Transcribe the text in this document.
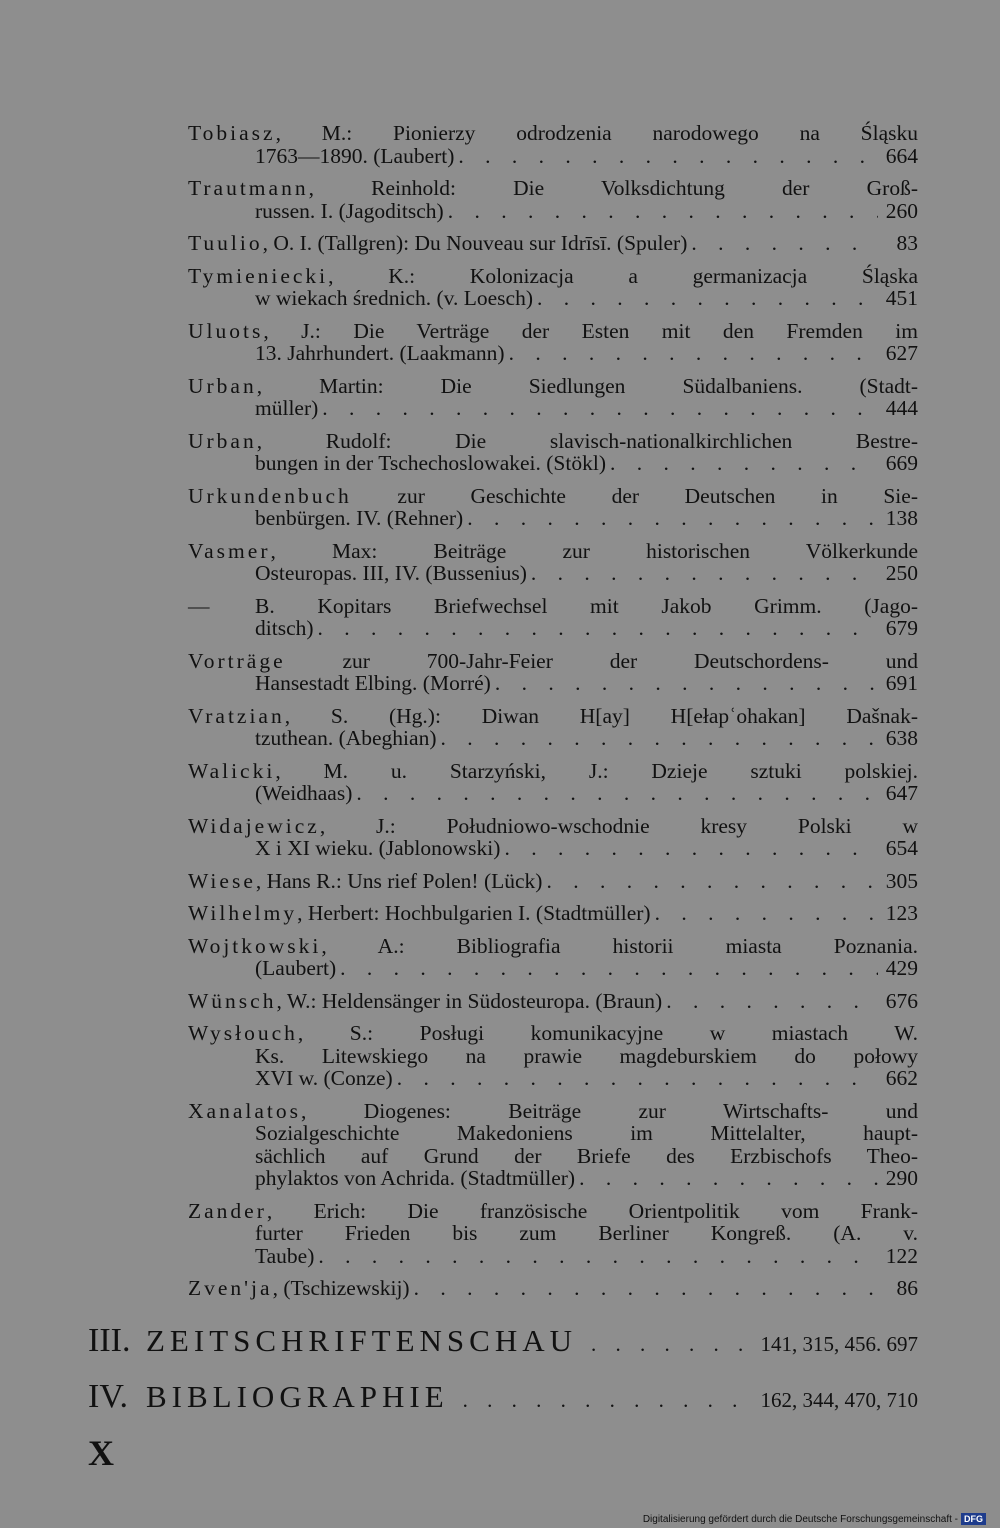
Tobiasz, M.: Pionierzy odrodzenia narodowego na Śląsku
1763—1890. (Laubert) . . .	664
Trautmann, Reinhold: Die Volksdichtung der Groß-
russen. I. (Jagoditsch) . . .	260
Tuulio, O. I. (Tallgren): Du Nouveau sur Idrīsī. (Spuler) . . .	83
Tymieniecki, K.: Kolonizacja a germanizacja Śląska
w wiekach średnich. (v. Loesch) . . .	451
Uluots, J.: Die Verträge der Esten mit den Fremden im
13. Jahrhundert. (Laakmann) . . .	627
Urban, Martin: Die Siedlungen Südalbaniens. (Stadt-
müller) . . .	444
Urban, Rudolf: Die slavisch-nationalkirchlichen Bestre-
bungen in der Tschechoslowakei. (Stökl) . . .	669
Urkundenbuch zur Geschichte der Deutschen in Sie-
benbürgen. IV. (Rehner) . . .	138
Vasmer, Max: Beiträge zur historischen Völkerkunde
Osteuropas. III, IV. (Bussenius) . . .	250
— B. Kopitars Briefwechsel mit Jakob Grimm. (Jago-
ditsch) . . .	679
Vorträge zur 700-Jahr-Feier der Deutschordens- und
Hansestadt Elbing. (Morré) . . .	691
Vratzian, S. (Hg.): Diwan H[ay] H[ełapʿohakan] Dašnak-
tzuthean. (Abeghian) . . .	638
Walicki, M. u. Starzyński, J.: Dzieje sztuki polskiej.
(Weidhaas) . . .	647
Widajewicz, J.: Południowo-wschodnie kresy Polski w
X i XI wieku. (Jablonowski) . . .	654
Wiese, Hans R.: Uns rief Polen! (Lück) . . .	305
Wilhelmy, Herbert: Hochbulgarien I. (Stadtmüller) . . .	123
Wojtkowski, A.: Bibliografia historii miasta Poznania.
(Laubert) . . .	429
Wünsch, W.: Heldensänger in Südosteuropa. (Braun) . . .	676
Wysłouch, S.: Posługi komunikacyjne w miastach W.
Ks. Litewskiego na prawie magdeburskiem do połowy
XVI w. (Conze) . . .	662
Xanalatos, Diogenes: Beiträge zur Wirtschafts- und
Sozialgeschichte Makedoniens im Mittelalter, haupt-
sächlich auf Grund der Briefe des Erzbischofs Theo-
phylaktos von Achrida. (Stadtmüller) . . .	290
Zander, Erich: Die französische Orientpolitik vom Frank-
furter Frieden bis zum Berliner Kongreß. (A. v.
Taube) . . .	122
Zven'ja, (Tschizewskij) . . .	86
III. ZEITSCHRIFTENSCHAU . . .	141, 315, 456. 697
IV. BIBLIOGRAPHIE . . .	162, 344, 470, 710
X
Digitalisierung gefördert durch die Deutsche Forschungsgemeinschaft - DFG
